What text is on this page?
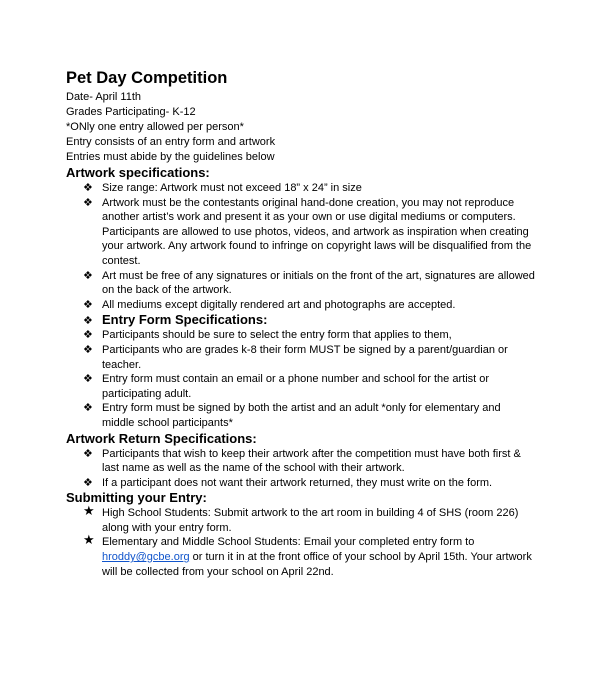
Pet Day Competition

Date- April 11th

Grades Participating- K-12

*ONly one entry allowed per person*

Entry consists of an entry form and artwork

Entries must abide by the guidelines below

Artwork specifications:
❖ Size range: Artwork must not exceed 18” x 24” in size
❖ Artwork must be the contestants original hand-done creation, you may not reproduce another artist’s work and present it as your own or use digital mediums or computers. Participants are allowed to use photos, videos, and artwork as inspiration when creating your artwork. Any artwork found to infringe on copyright laws will be disqualified from the contest.
❖ Art must be free of any signatures or initials on the front of the art, signatures are allowed on the back of the artwork.
❖ All mediums except digitally rendered art and photographs are accepted.
❖ Entry Form Specifications:
❖ Participants should be sure to select the entry form that applies to them,
❖ Participants who are grades k-8 their form MUST be signed by a parent/guardian or teacher.
❖ Entry form must contain an email or a phone number and school for the artist or participating adult.
❖ Entry form must be signed by both the artist and an adult *only for elementary and middle school participants*
Artwork Return Specifications:
❖ Participants that wish to keep their artwork after the competition must have both first & last name as well as the name of the school with their artwork.
❖ If a participant does not want their artwork returned, they must write on the form.
Submitting your Entry:
★ High School Students: Submit artwork to the art room in building 4 of SHS (room 226) along with your entry form.
★ Elementary and Middle School Students: Email your completed entry form to hroddy@gcbe.org or turn it in at the front office of your school by April 15th. Your artwork will be collected from your school on April 22nd.
